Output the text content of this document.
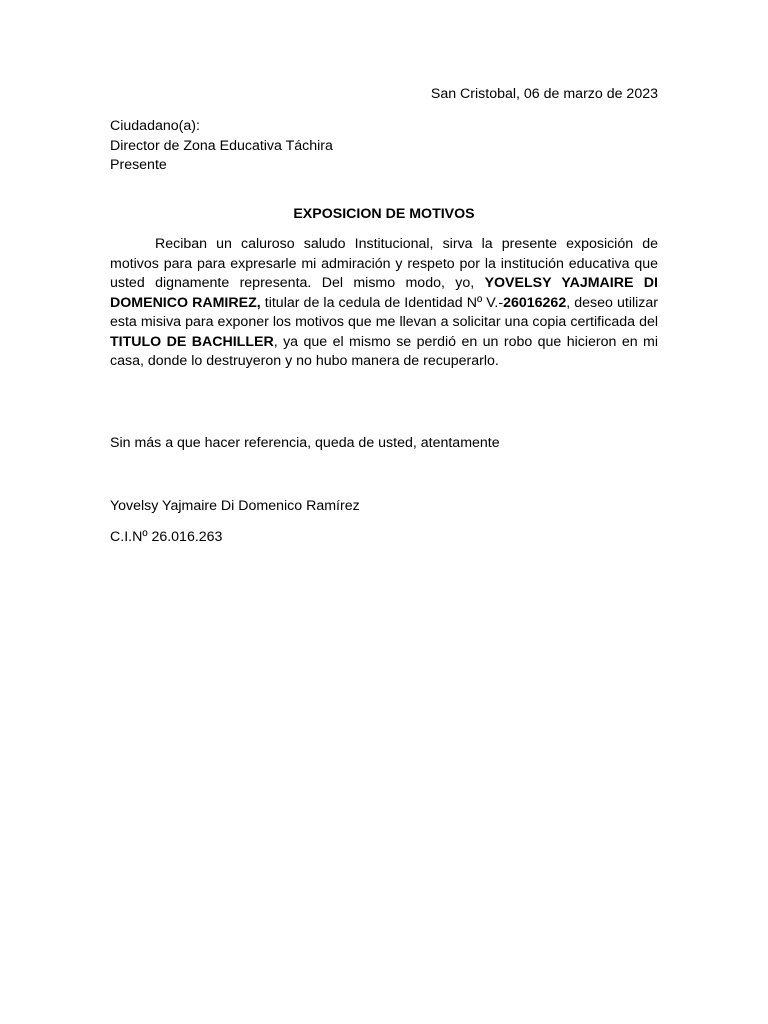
San Cristobal, 06 de marzo de 2023
Ciudadano(a):
Director de Zona Educativa Táchira
Presente
EXPOSICION DE MOTIVOS
Reciban un caluroso saludo Institucional, sirva la presente exposición de motivos para para expresarle mi admiración y respeto por la institución educativa que usted dignamente representa. Del mismo modo, yo, YOVELSY YAJMAIRE DI DOMENICO RAMIREZ, titular de la cedula de Identidad Nº V.-26016262, deseo utilizar esta misiva para exponer los motivos que me llevan a solicitar una copia certificada del TITULO DE BACHILLER, ya que el mismo se perdió en un robo que hicieron en mi casa, donde lo destruyeron y no hubo manera de recuperarlo.
Sin más a que hacer referencia, queda de usted, atentamente
Yovelsy Yajmaire Di Domenico Ramírez
C.I.Nº 26.016.263
